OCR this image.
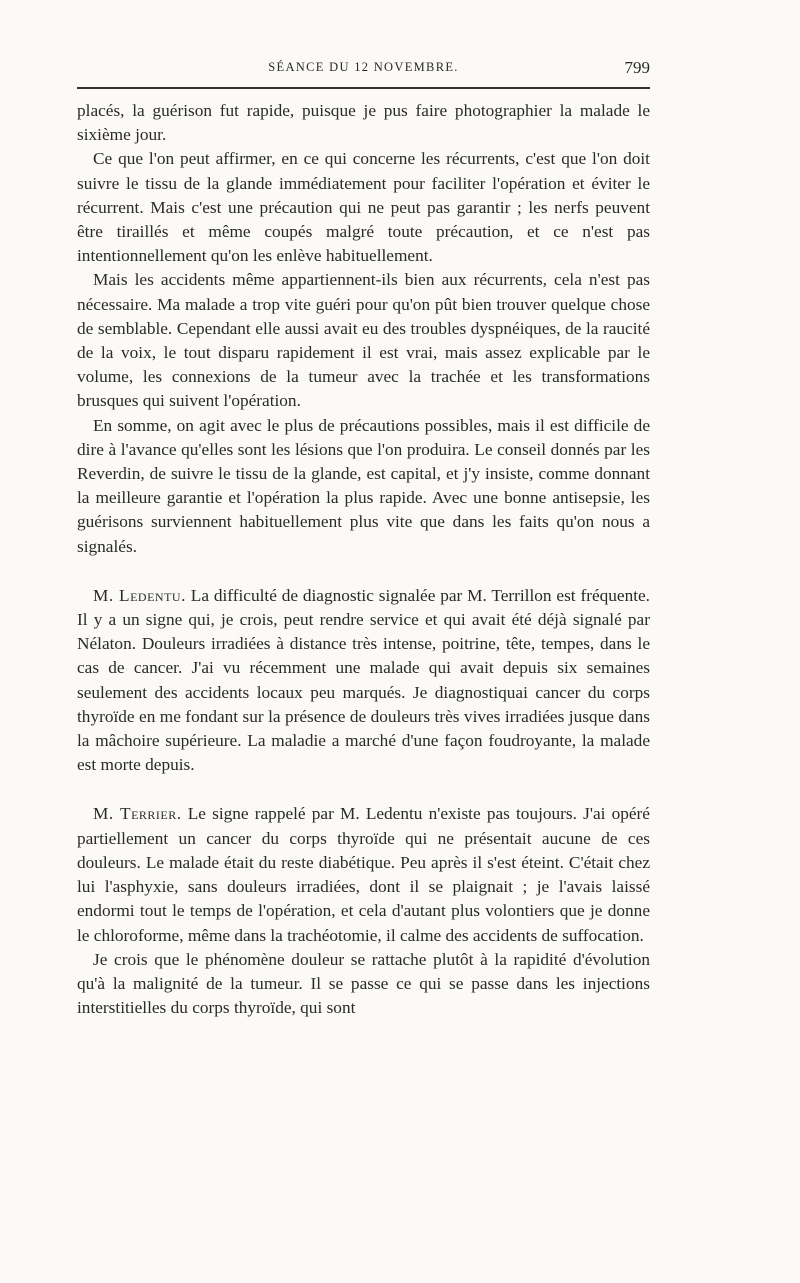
SÉANCE DU 12 NOVEMBRE.	799

placés, la guérison fut rapide, puisque je pus faire photographier la malade le sixième jour.

Ce que l'on peut affirmer, en ce qui concerne les récurrents, c'est que l'on doit suivre le tissu de la glande immédiatement pour faciliter l'opération et éviter le récurrent. Mais c'est une précaution qui ne peut pas garantir ; les nerfs peuvent être tiraillés et même coupés malgré toute précaution, et ce n'est pas intentionnellement qu'on les enlève habituellement.

Mais les accidents même appartiennent-ils bien aux récurrents, cela n'est pas nécessaire. Ma malade a trop vite guéri pour qu'on pût bien trouver quelque chose de semblable. Cependant elle aussi avait eu des troubles dyspnéiques, de la raucité de la voix, le tout disparu rapidement il est vrai, mais assez explicable par le volume, les connexions de la tumeur avec la trachée et les transformations brusques qui suivent l'opération.

En somme, on agit avec le plus de précautions possibles, mais il est difficile de dire à l'avance qu'elles sont les lésions que l'on produira. Le conseil donnés par les Reverdin, de suivre le tissu de la glande, est capital, et j'y insiste, comme donnant la meilleure garantie et l'opération la plus rapide. Avec une bonne antisepsie, les guérisons surviennent habituellement plus vite que dans les faits qu'on nous a signalés.

M. Ledentu. La difficulté de diagnostic signalée par M. Terrillon est fréquente. Il y a un signe qui, je crois, peut rendre service et qui avait été déjà signalé par Nélaton. Douleurs irradiées à distance très intense, poitrine, tête, tempes, dans le cas de cancer. J'ai vu récemment une malade qui avait depuis six semaines seulement des accidents locaux peu marqués. Je diagnostiquai cancer du corps thyroïde en me fondant sur la présence de douleurs très vives irradiées jusque dans la mâchoire supérieure. La maladie a marché d'une façon foudroyante, la malade est morte depuis.

M. Terrier. Le signe rappelé par M. Ledentu n'existe pas toujours. J'ai opéré partiellement un cancer du corps thyroïde qui ne présentait aucune de ces douleurs. Le malade était du reste diabétique. Peu après il s'est éteint. C'était chez lui l'asphyxie, sans douleurs irradiées, dont il se plaignait ; je l'avais laissé endormi tout le temps de l'opération, et cela d'autant plus volontiers que je donne le chloroforme, même dans la trachéotomie, il calme des accidents de suffocation.

Je crois que le phénomène douleur se rattache plutôt à la rapidité d'évolution qu'à la malignité de la tumeur. Il se passe ce qui se passe dans les injections interstitielles du corps thyroïde, qui sont
